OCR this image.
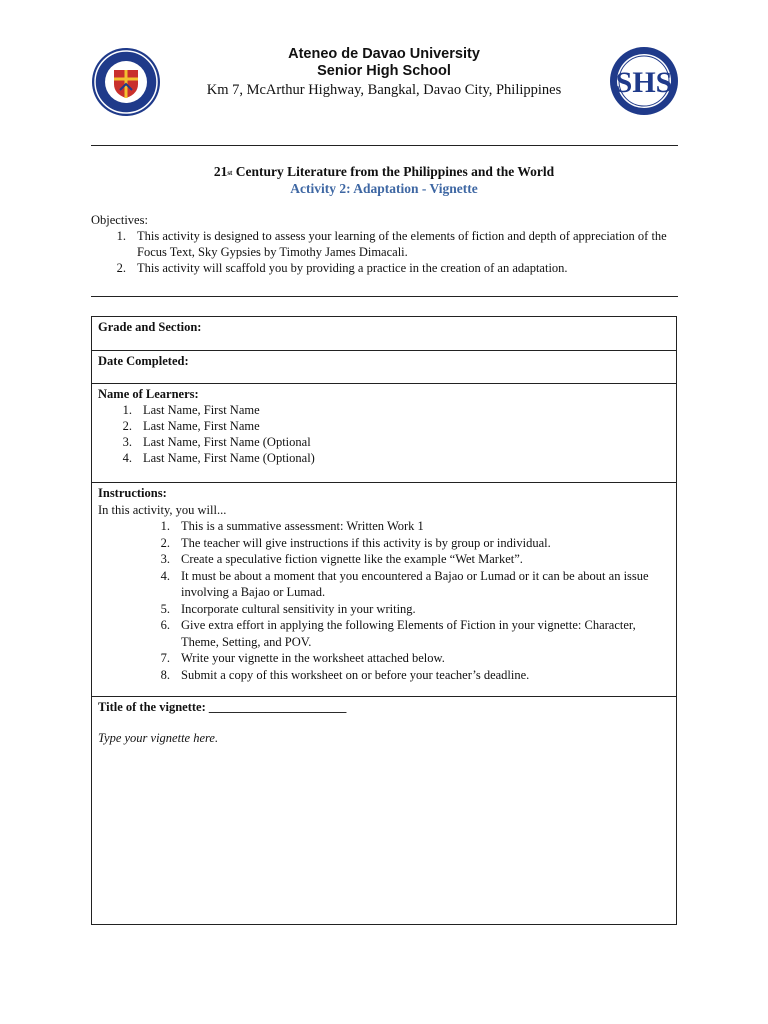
SHS
Ateneo de Davao University
Senior High School
Km 7, McArthur Highway, Bangkal, Davao City, Philippines
21st Century Literature from the Philippines and the World
Activity 2: Adaptation - Vignette
Objectives:
1. This activity is designed to assess your learning of the elements of fiction and depth of appreciation of the Focus Text, Sky Gypsies by Timothy James Dimacali.
2. This activity will scaffold you by providing a practice in the creation of an adaptation.
Grade and Section:
Date Completed:
Name of Learners:
1. Last Name, First Name
2. Last Name, First Name
3. Last Name, First Name (Optional
4. Last Name, First Name (Optional)
Instructions:
In this activity, you will...
1. This is a summative assessment: Written Work 1
2. The teacher will give instructions if this activity is by group or individual.
3. Create a speculative fiction vignette like the example “Wet Market”.
4. It must be about a moment that you encountered a Bajao or Lumad or it can be about an issue involving a Bajao or Lumad.
5. Incorporate cultural sensitivity in your writing.
6. Give extra effort in applying the following Elements of Fiction in your vignette: Character, Theme, Setting, and POV.
7. Write your vignette in the worksheet attached below.
8. Submit a copy of this worksheet on or before your teacher’s deadline.
Title of the vignette: ______________________
Type your vignette here.
